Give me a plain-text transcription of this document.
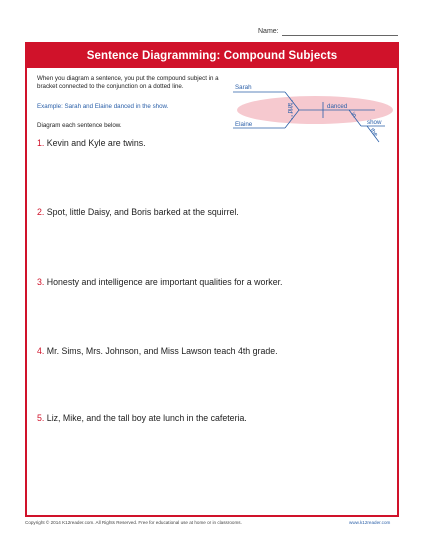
Name:
Sentence Diagramming: Compound Subjects
When you diagram a sentence, you put the compound subject in a bracket connected to the conjunction on a dotted line.
Example: Sarah and Elaine danced in the show.
Diagram each sentence below.
Sarah
Elaine
and	danced
in
show
the
1. Kevin and Kyle are twins.
2. Spot, little Daisy, and Boris barked at the squirrel.
3. Honesty and intelligence are important qualities for a worker.
4. Mr. Sims, Mrs. Johnson, and Miss Lawson teach 4th grade.
5. Liz, Mike, and the tall boy ate lunch in the cafeteria.
Copyright © 2014 K12reader.com. All Rights Reserved. Free for educational use at home or in classrooms.	www.k12reader.com
